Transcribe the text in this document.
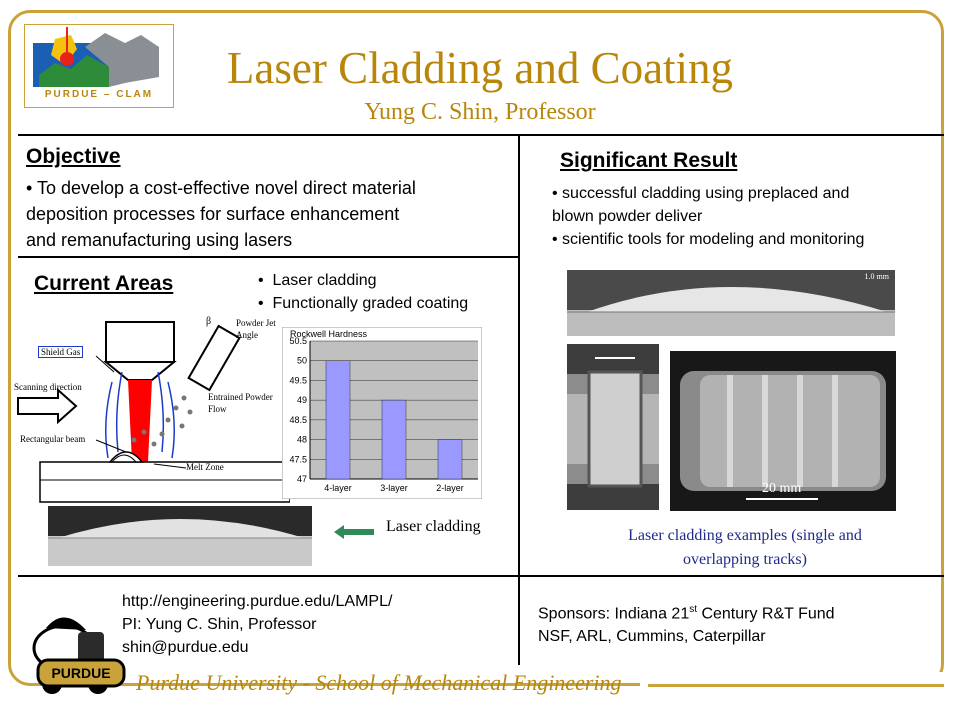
PURDUE – CLAM
Laser Cladding and Coating
Yung C. Shin, Professor
Objective
• To develop a cost-effective novel direct material
deposition processes for surface enhancement
and remanufacturing using lasers
Significant Result
• successful cladding using preplaced and
blown powder deliver
• scientific tools for modeling and monitoring
1.0 mm
20 mm
Laser cladding examples (single and
overlapping tracks)
Current Areas	•  Laser cladding
•  Functionally graded coating
Shield Gas
β	Powder Jet
Angle
Scanning direction
Entrained Powder
Flow
Rectangular beam
Melt Zone
Rockwell Hardness
50.5
50
49.5
49
48.5
48
47.5
47
4-layer	3-layer	2-layer
Laser cladding
http://engineering.purdue.edu/LAMPL/
PI: Yung C. Shin, Professor
shin@purdue.edu
Sponsors: Indiana 21st Century R&T Fund
NSF, ARL, Cummins, Caterpillar
PURDUE	Purdue University - School of Mechanical Engineering
